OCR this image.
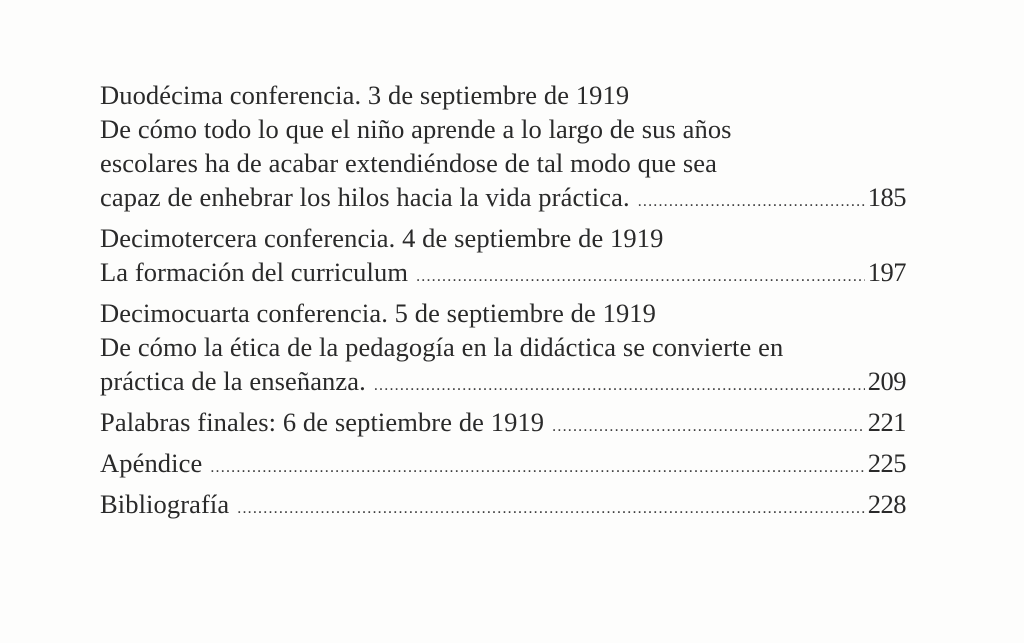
Duodécima conferencia. 3 de septiembre de 1919
De cómo todo lo que el niño aprende a lo largo de sus años
escolares ha de acabar extendiéndose de tal modo que sea
capaz de enhebrar los hilos hacia la vida práctica. .....	185
Decimotercera conferencia. 4 de septiembre de 1919
La formación del curriculum .....	197
Decimocuarta conferencia. 5 de septiembre de 1919
De cómo la ética de la pedagogía en la didáctica se convierte en
práctica de la enseñanza. .....	209
Palabras finales: 6 de septiembre de 1919 .....	221
Apéndice .....	225
Bibliografía .....	228
